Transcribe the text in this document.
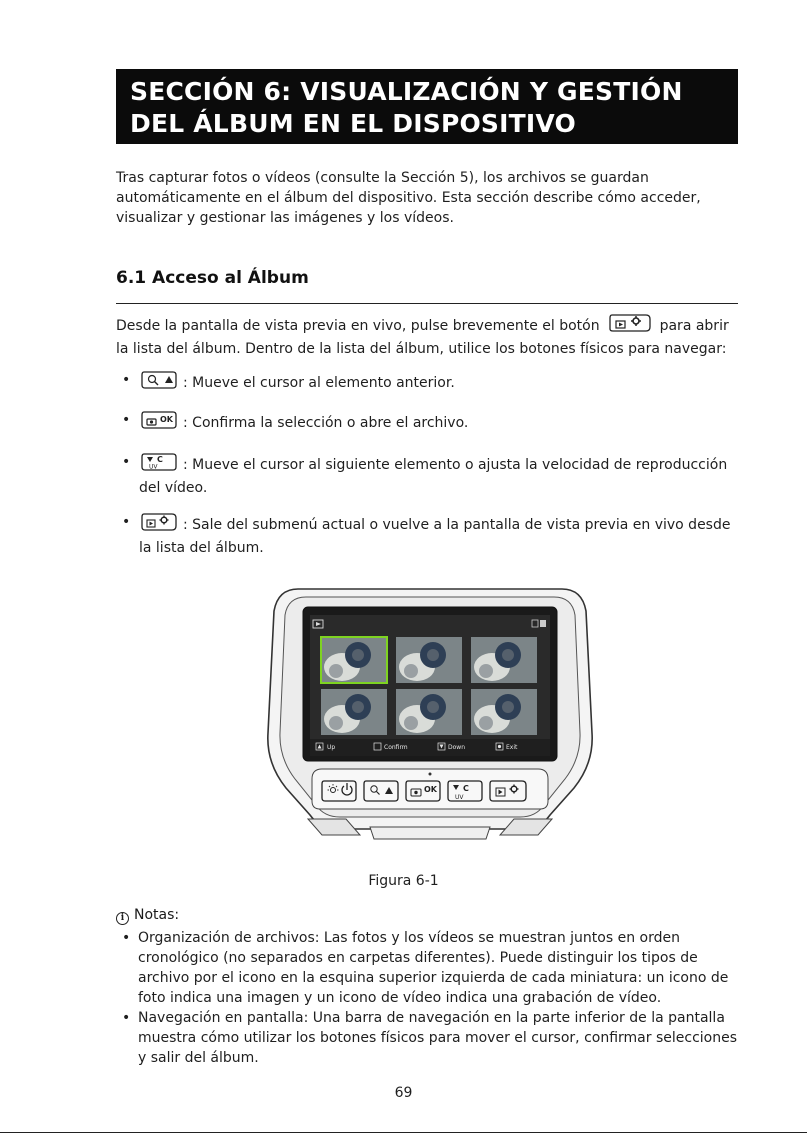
SECCIÓN 6: VISUALIZACIÓN Y GESTIÓN
DEL ÁLBUM EN EL DISPOSITIVO

Tras capturar fotos o vídeos (consulte la Sección 5), los archivos se guardan automáticamente en el álbum del dispositivo. Esta sección describe cómo acceder, visualizar y gestionar las imágenes y los vídeos.

6.1 Acceso al Álbum

Desde la pantalla de vista previa en vivo, pulse brevemente el botón	para abrir la lista del álbum. Dentro de la lista del álbum, utilice los botones físicos para navegar:

•	: Mueve el cursor al elemento anterior.
•	OK : Confirma la selección o abre el archivo.
•	C
UV : Mueve el cursor al siguiente elemento o ajusta la velocidad de reproducción del vídeo.
•	: Sale del submenú actual o vuelve a la pantalla de vista previa en vivo desde la lista del álbum.
Up	Confirm	Down	Exit
OK	C
UV
Figura 6-1
i Notas:
• Organización de archivos: Las fotos y los vídeos se muestran juntos en orden cronológico (no separados en carpetas diferentes). Puede distinguir los tipos de archivo por el icono en la esquina superior izquierda de cada miniatura: un icono de foto indica una imagen y un icono de vídeo indica una grabación de vídeo.
• Navegación en pantalla: Una barra de navegación en la parte inferior de la pantalla muestra cómo utilizar los botones físicos para mover el cursor, confirmar selecciones y salir del álbum.
69
